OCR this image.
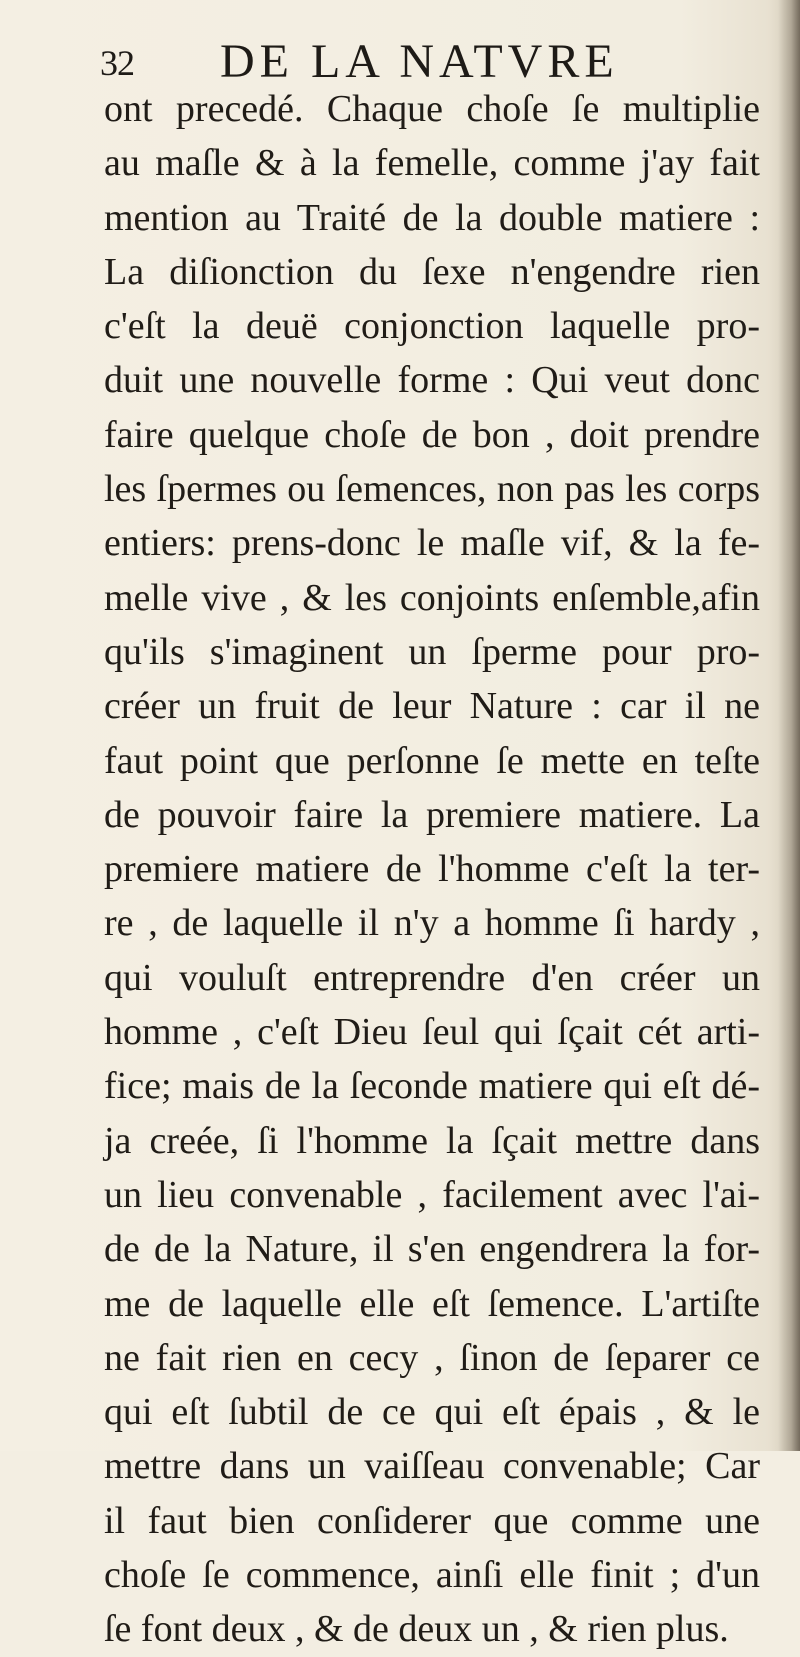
32 DE LA NATVRE
ont precedé. Chaque choſe ſe multiplie
au maſle & à la femelle, comme j'ay fait
mention au Traité de la double matiere :
La diſionction du ſexe n'engendre rien
c'eſt la deuë conjonction laquelle pro-
duit une nouvelle forme : Qui veut donc
faire quelque choſe de bon , doit prendre
les ſpermes ou ſemences, non pas les corps
entiers: prens-donc le maſle vif, & la fe-
melle vive , & les conjoints enſemble,afin
qu'ils s'imaginent un ſperme pour pro-
créer un fruit de leur Nature : car il ne
faut point que perſonne ſe mette en teſte
de pouvoir faire la premiere matiere. La
premiere matiere de l'homme c'eſt la ter-
re , de laquelle il n'y a homme ſi hardy ,
qui vouluſt entreprendre d'en créer un
homme , c'eſt Dieu ſeul qui ſçait cét arti-
fice; mais de la ſeconde matiere qui eſt dé-
ja creée, ſi l'homme la ſçait mettre dans
un lieu convenable , facilement avec l'ai-
de de la Nature, il s'en engendrera la for-
me de laquelle elle eſt ſemence. L'artiſte
ne fait rien en cecy , ſinon de ſeparer ce
qui eſt ſubtil de ce qui eſt épais , & le
mettre dans un vaiſſeau convenable; Car
il faut bien conſiderer que comme une
choſe ſe commence, ainſi elle finit ; d'un
ſe font deux , & de deux un , & rien plus.
